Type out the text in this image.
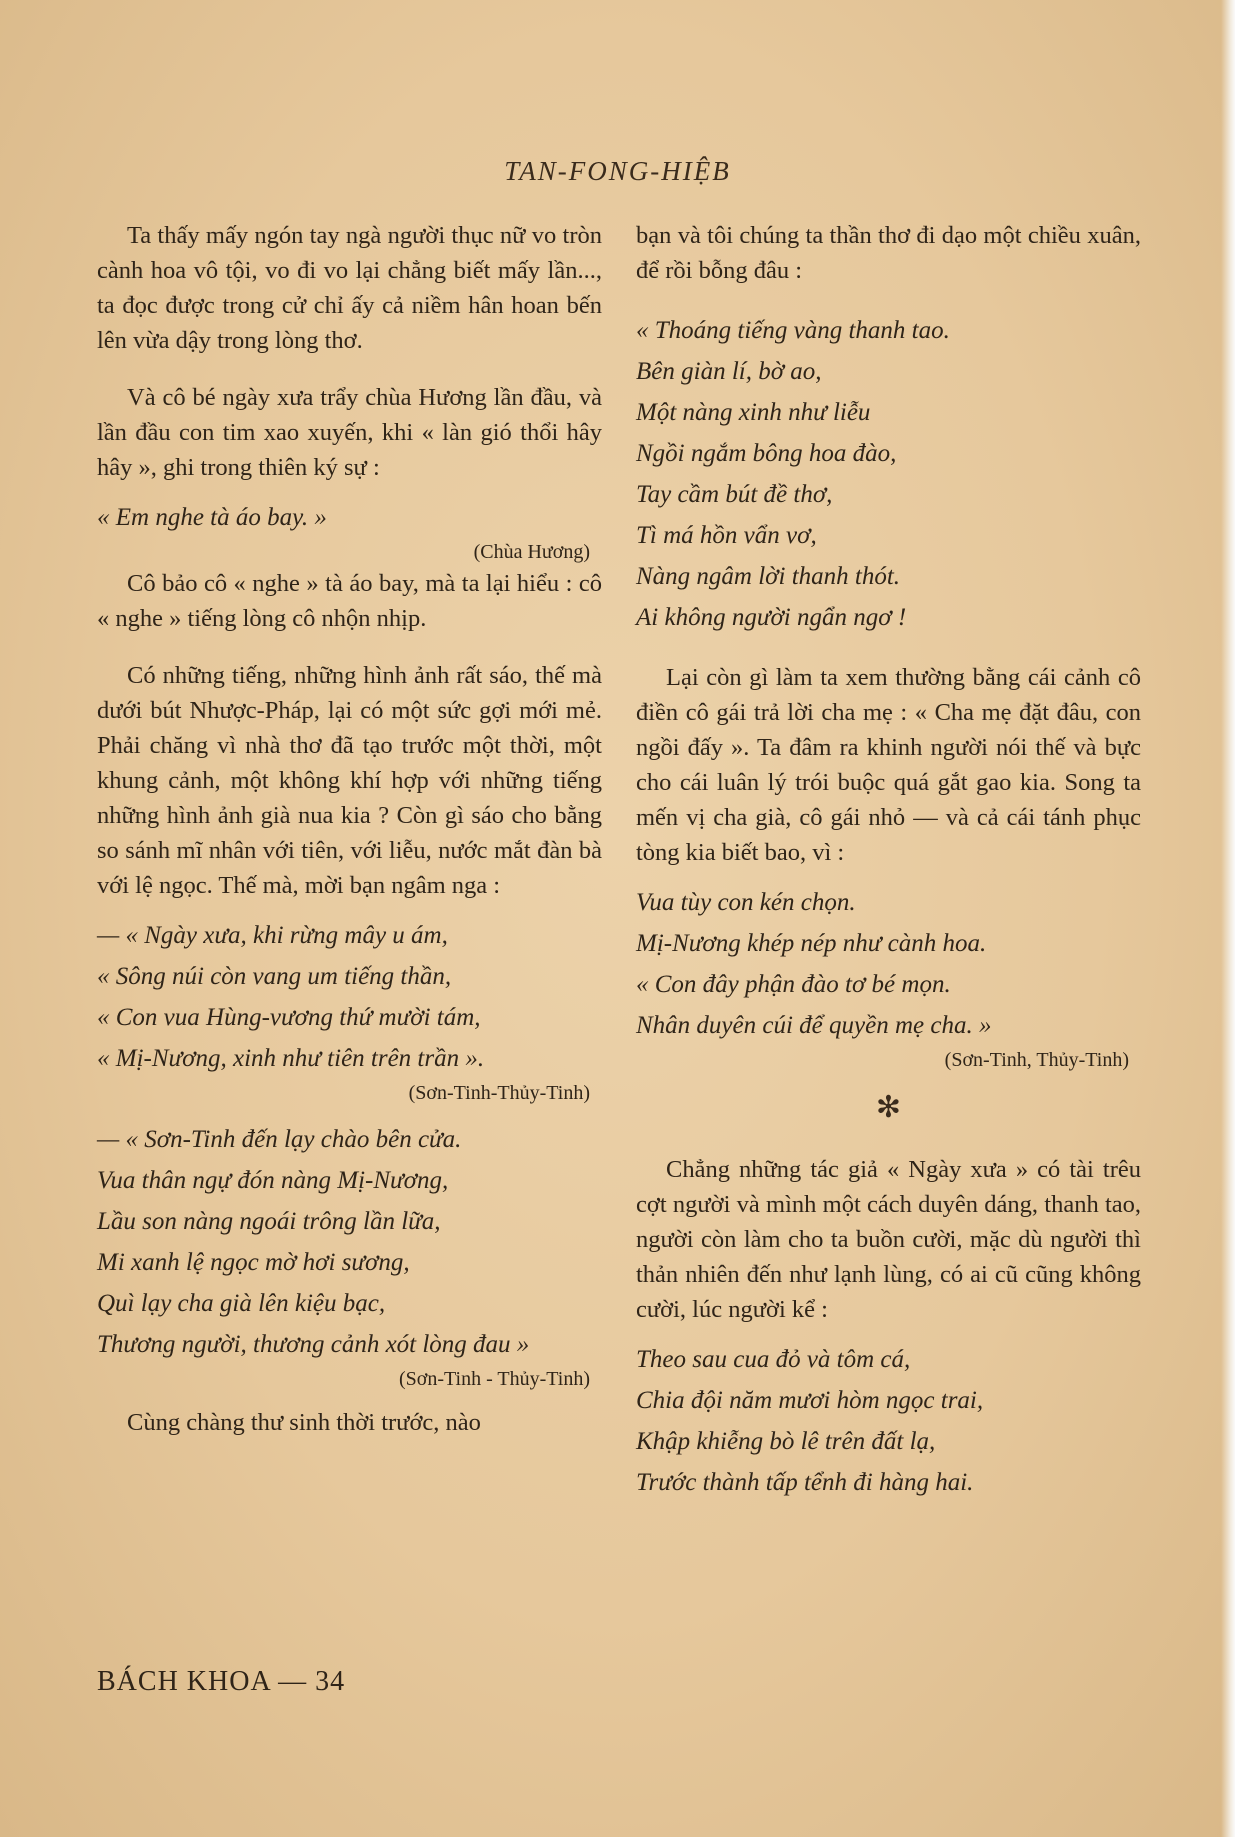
TAN-FONG-HIỆB

Ta thấy mấy ngón tay ngà người thục nữ vo tròn cành hoa vô tội, vo đi vo lại chẳng biết mấy lần..., ta đọc được trong cử chỉ ấy cả niềm hân hoan bến lên vừa dậy trong lòng thơ.

Và cô bé ngày xưa trẩy chùa Hương lần đầu, và lần đầu con tim xao xuyến, khi « làn gió thổi hây hây », ghi trong thiên ký sự :

« Em nghe tà áo bay. »
(Chùa Hương)

Cô bảo cô « nghe » tà áo bay, mà ta lại hiểu : cô « nghe » tiếng lòng cô nhộn nhịp.

Có những tiếng, những hình ảnh rất sáo, thế mà dưới bút Nhược-Pháp, lại có một sức gợi mới mẻ. Phải chăng vì nhà thơ đã tạo trước một thời, một khung cảnh, một không khí hợp với những tiếng những hình ảnh già nua kia ? Còn gì sáo cho bằng so sánh mĩ nhân với tiên, với liễu, nước mắt đàn bà với lệ ngọc. Thế mà, mời bạn ngâm nga :

— « Ngày xưa, khi rừng mây u ám,
« Sông núi còn vang um tiếng thần,
« Con vua Hùng-vương thứ mười tám,
« Mị-Nương, xinh như tiên trên trần ».
(Sơn-Tinh-Thủy-Tinh)
— « Sơn-Tinh đến lạy chào bên cửa.
Vua thân ngự đón nàng Mị-Nương,
Lầu son nàng ngoái trông lần lữa,
Mi xanh lệ ngọc mờ hơi sương,
Quì lạy cha già lên kiệu bạc,
Thương người, thương cảnh xót lòng đau »
(Sơn-Tinh - Thủy-Tinh)

Cùng chàng thư sinh thời trước, nào

bạn và tôi chúng ta thần thơ đi dạo một chiều xuân, để rồi bỗng đâu :

« Thoáng tiếng vàng thanh tao.
Bên giàn lí, bờ ao,
Một nàng xinh như liễu
Ngồi ngắm bông hoa đào,
Tay cầm bút đề thơ,
Tì má hồn vẩn vơ,
Nàng ngâm lời thanh thót.
Ai không người ngẩn ngơ !

Lại còn gì làm ta xem thường bằng cái cảnh cô điền cô gái trả lời cha mẹ : « Cha mẹ đặt đâu, con ngồi đấy ». Ta đâm ra khinh người nói thế và bực cho cái luân lý trói buộc quá gắt gao kia. Song ta mến vị cha già, cô gái nhỏ — và cả cái tánh phục tòng kia biết bao, vì :

Vua tùy con kén chọn.
Mị-Nương khép nép như cành hoa.
« Con đây phận đào tơ bé mọn.
Nhân duyên cúi để quyền mẹ cha. »
(Sơn-Tinh, Thủy-Tinh)
✻

Chẳng những tác giả « Ngày xưa » có tài trêu cợt người và mình một cách duyên dáng, thanh tao, người còn làm cho ta buồn cười, mặc dù người thì thản nhiên đến như lạnh lùng, có ai cũ cũng không cười, lúc người kể :

Theo sau cua đỏ và tôm cá,
Chia đội năm mươi hòm ngọc trai,
Khập khiễng bò lê trên đất lạ,
Trước thành tấp tểnh đi hàng hai.
BÁCH KHOA — 34
